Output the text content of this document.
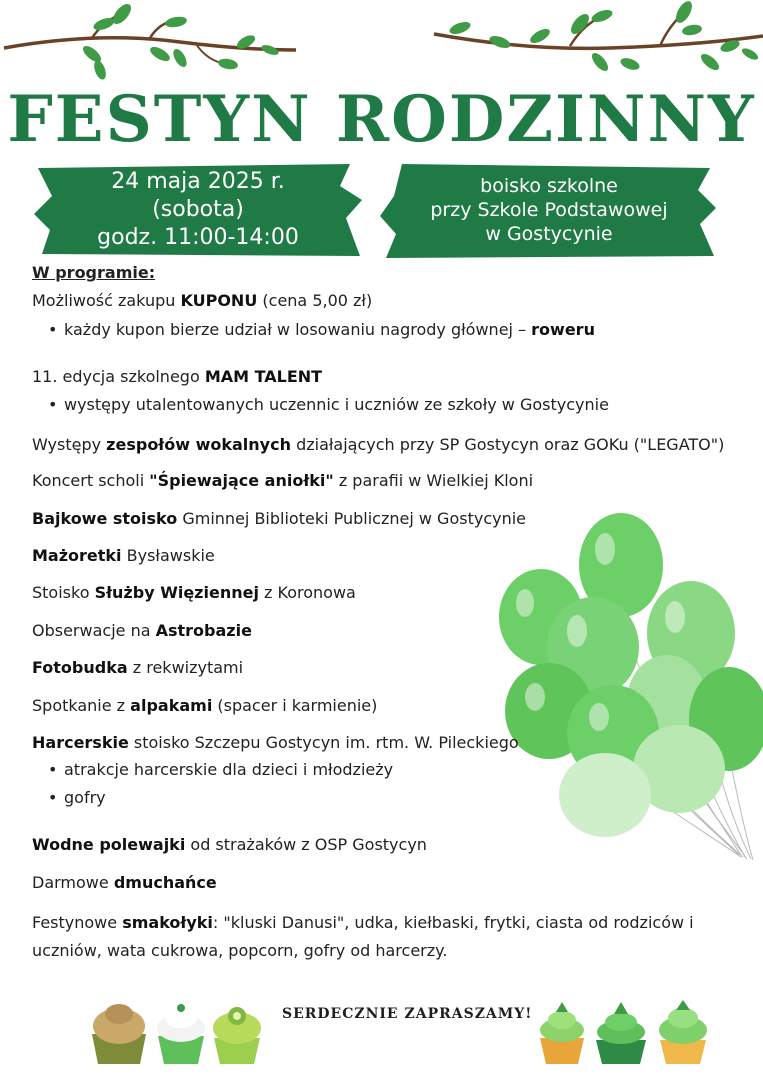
FESTYN RODZINNY
24 maja 2025 r.
(sobota)
godz. 11:00-14:00
boisko szkolne
przy Szkole Podstawowej
w Gostycynie

W programie:

Możliwość zakupu KUPONU (cena 5,00 zł)

• każdy kupon bierze udział w losowaniu nagrody głównej – roweru

11. edycja szkolnego MAM TALENT

• występy utalentowanych uczennic i uczniów ze szkoły w Gostycynie

Występy zespołów wokalnych działających przy SP Gostycyn oraz GOKu ("LEGATO")

Koncert scholi "Śpiewające aniołki" z parafii w Wielkiej Kloni

Bajkowe stoisko Gminnej Biblioteki Publicznej w Gostycynie

Mażoretki Bysławskie

Stoisko Służby Więziennej z Koronowa

Obserwacje na Astrobazie

Fotobudka z rekwizytami

Spotkanie z alpakami (spacer i karmienie)

Harcerskie stoisko Szczepu Gostycyn im. rtm. W. Pileckiego

• atrakcje harcerskie dla dzieci i młodzieży

• gofry

Wodne polewajki od strażaków z OSP Gostycyn

Darmowe dmuchańce

Festynowe smakołyki: "kluski Danusi", udka, kiełbaski, frytki, ciasta od rodziców i uczniów, wata cukrowa, popcorn, gofry od harcerzy.

SERDECZNIE ZAPRASZAMY!
